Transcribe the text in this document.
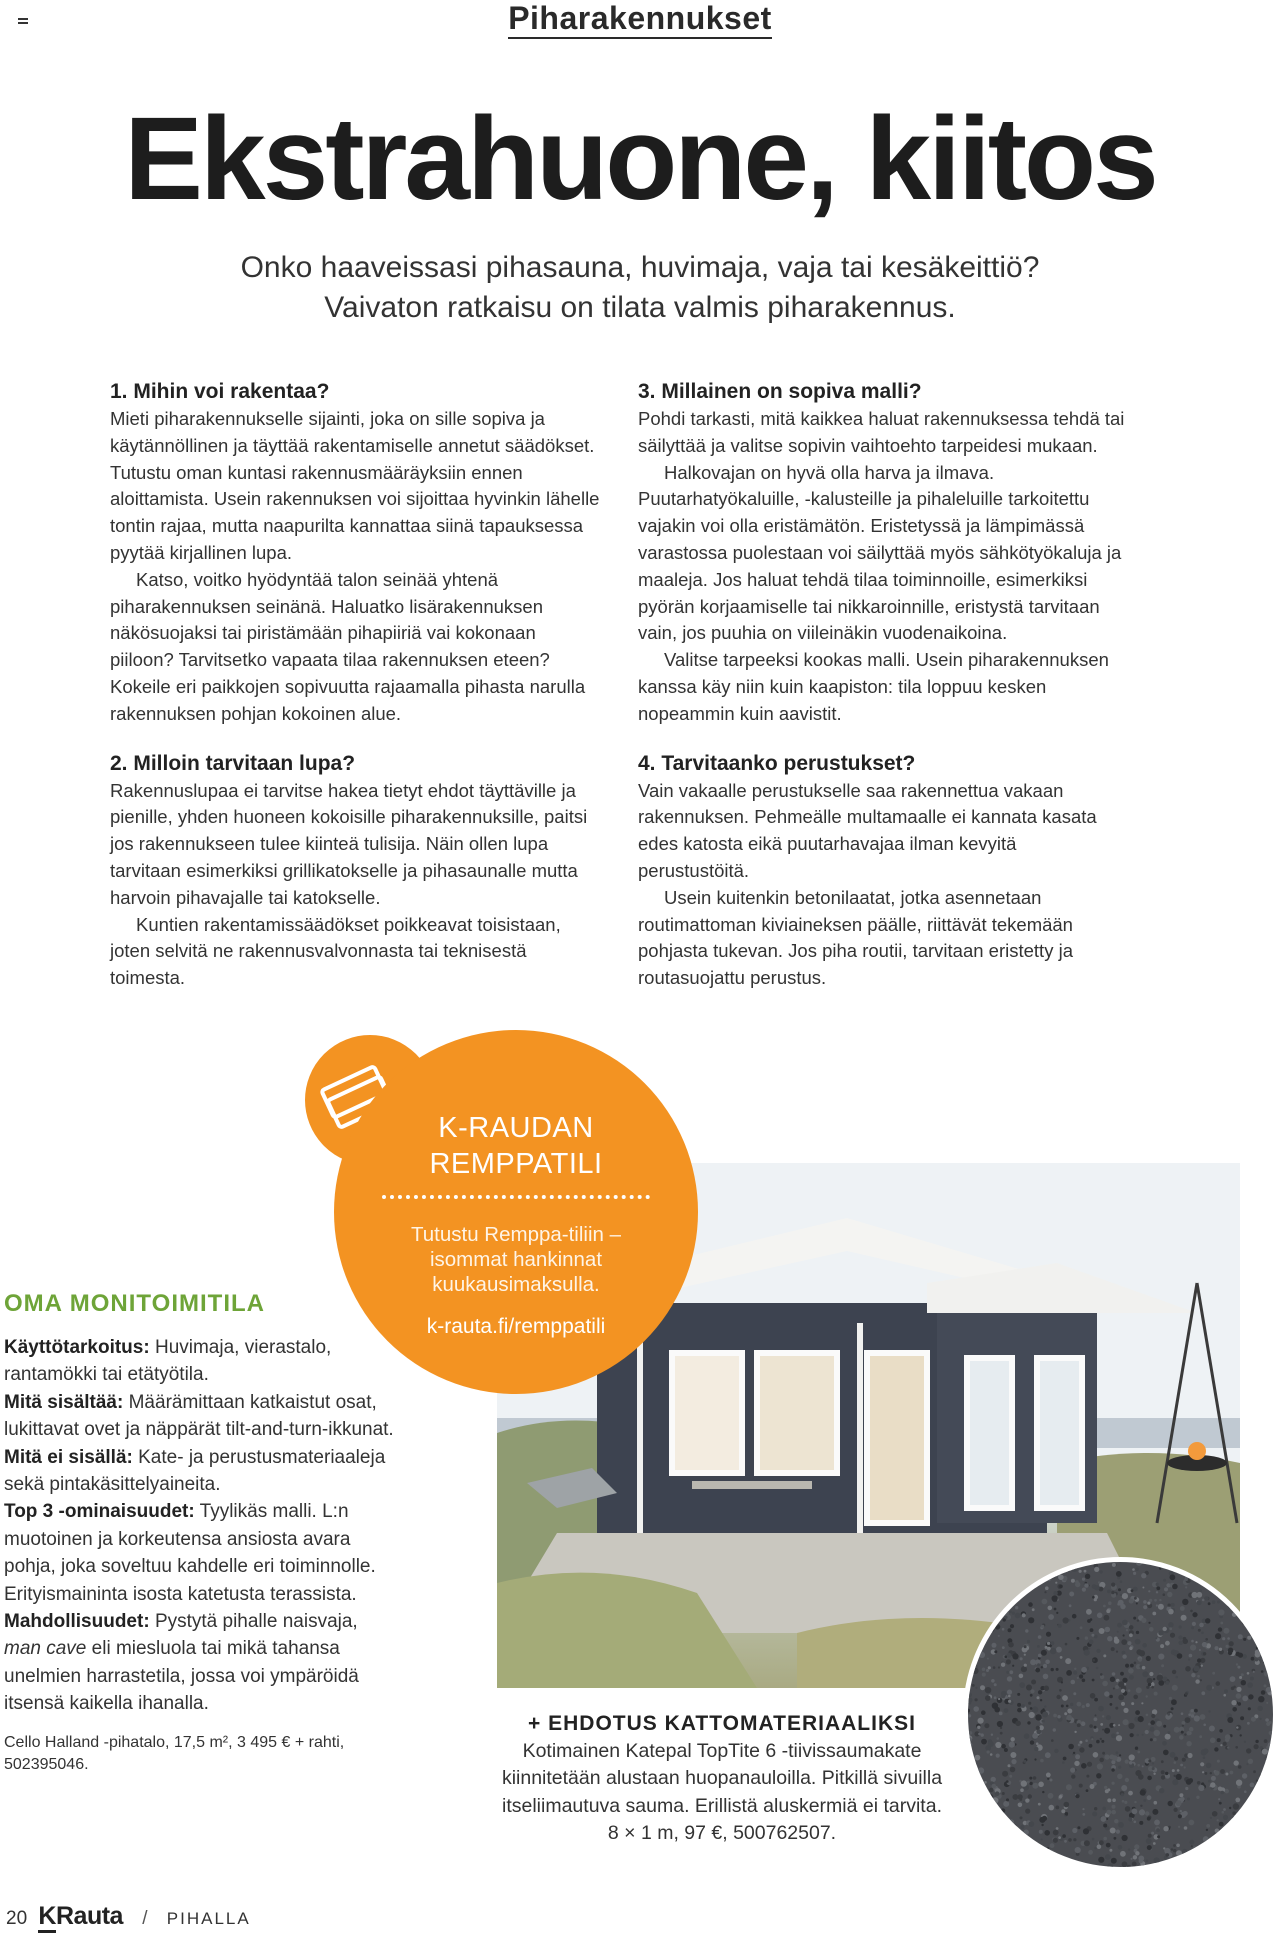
Piharakennukset
Ekstrahuone, kiitos
Onko haaveissasi pihasauna, huvimaja, vaja tai kesäkeittiö?
Vaivaton ratkaisu on tilata valmis piharakennus.
1. Mihin voi rakentaa?

Mieti piharakennukselle sijainti, joka on sille sopiva ja käytännöllinen ja täyttää rakentamiselle annetut säädökset. Tutustu oman kuntasi rakennusmääräyksiin ennen aloittamista. Usein rakennuksen voi sijoittaa hyvinkin lähelle tontin rajaa, mutta naapurilta kannattaa siinä tapauksessa pyytää kirjallinen lupa.

Katso, voitko hyödyntää talon seinää yhtenä piharakennuksen seinänä. Haluatko lisärakennuksen näkösuojaksi tai piristämään pihapiiriä vai kokonaan piiloon? Tarvitsetko vapaata tilaa rakennuksen eteen? Kokeile eri paikkojen sopivuutta rajaamalla pihasta narulla rakennuksen pohjan kokoinen alue.

2. Milloin tarvitaan lupa?

Rakennuslupaa ei tarvitse hakea tietyt ehdot täyttäville ja pienille, yhden huoneen kokoisille piharakennuksille, paitsi jos rakennukseen tulee kiinteä tulisija. Näin ollen lupa tarvitaan esimerkiksi grillikatokselle ja pihasaunalle mutta harvoin pihavajalle tai katokselle.

Kuntien rakentamissäädökset poikkeavat toisistaan, joten selvitä ne rakennusvalvonnasta tai teknisestä toimesta.

3. Millainen on sopiva malli?

Pohdi tarkasti, mitä kaikkea haluat rakennuksessa tehdä tai säilyttää ja valitse sopivin vaihtoehto tarpeidesi mukaan.

Halkovajan on hyvä olla harva ja ilmava. Puutarhatyökaluille, -kalusteille ja pihaleluille tarkoitettu vajakin voi olla eristämätön. Eristetyssä ja lämpimässä varastossa puolestaan voi säilyttää myös sähkötyökaluja ja maaleja. Jos haluat tehdä tilaa toiminnoille, esimerkiksi pyörän korjaamiselle tai nikkaroinnille, eristystä tarvitaan vain, jos puuhia on viileinäkin vuodenaikoina.

Valitse tarpeeksi kookas malli. Usein piharakennuksen kanssa käy niin kuin kaapiston: tila loppuu kesken nopeammin kuin aavistit.

4. Tarvitaanko perustukset?

Vain vakaalle perustukselle saa rakennettua vakaan rakennuksen. Pehmeälle multamaalle ei kannata kasata edes katosta eikä puutarhavajaa ilman kevyitä perustustöitä.

Usein kuitenkin betonilaatat, jotka asennetaan routimattoman kiviaineksen päälle, riittävät tekemään pohjasta tukevan. Jos piha routii, tarvitaan eristetty ja routasuojattu perustus.

K-RAUDAN
REMPPATILI
Tutustu Remppa-tiliin – isommat hankinnat kuukausimaksulla.
k-rauta.fi/remppatili
OMA MONITOIMITILA
Käyttötarkoitus: Huvimaja, vierastalo, rantamökki tai etätyötila.
Mitä sisältää: Määrämittaan katkaistut osat, lukittavat ovet ja näppärät tilt-and-turn-ikkunat.
Mitä ei sisällä: Kate- ja perustusmateriaaleja sekä pintakäsittelyaineita.
Top 3 -ominaisuudet: Tyylikäs malli. L:n muotoinen ja korkeutensa ansiosta avara pohja, joka soveltuu kahdelle eri toiminnolle. Erityismaininta isosta katetusta terassista.
Mahdollisuudet: Pystytä pihalle naisvaja, man cave eli miesluola tai mikä tahansa unelmien harrastetila, jossa voi ympäröidä itsensä kaikella ihanalla.
Cello Halland -pihatalo, 17,5 m², 3 495 € + rahti, 502395046.
+ EHDOTUS KATTOMATERIAALIKSI
Kotimainen Katepal TopTite 6 -tiivissaumakate kiinnitetään alustaan huopanauloilla. Pitkillä sivuilla itseliimautuva sauma. Erillistä aluskermiä ei tarvita. 8 × 1 m, 97 €, 500762507.
20 KRauta / PIHALLA
